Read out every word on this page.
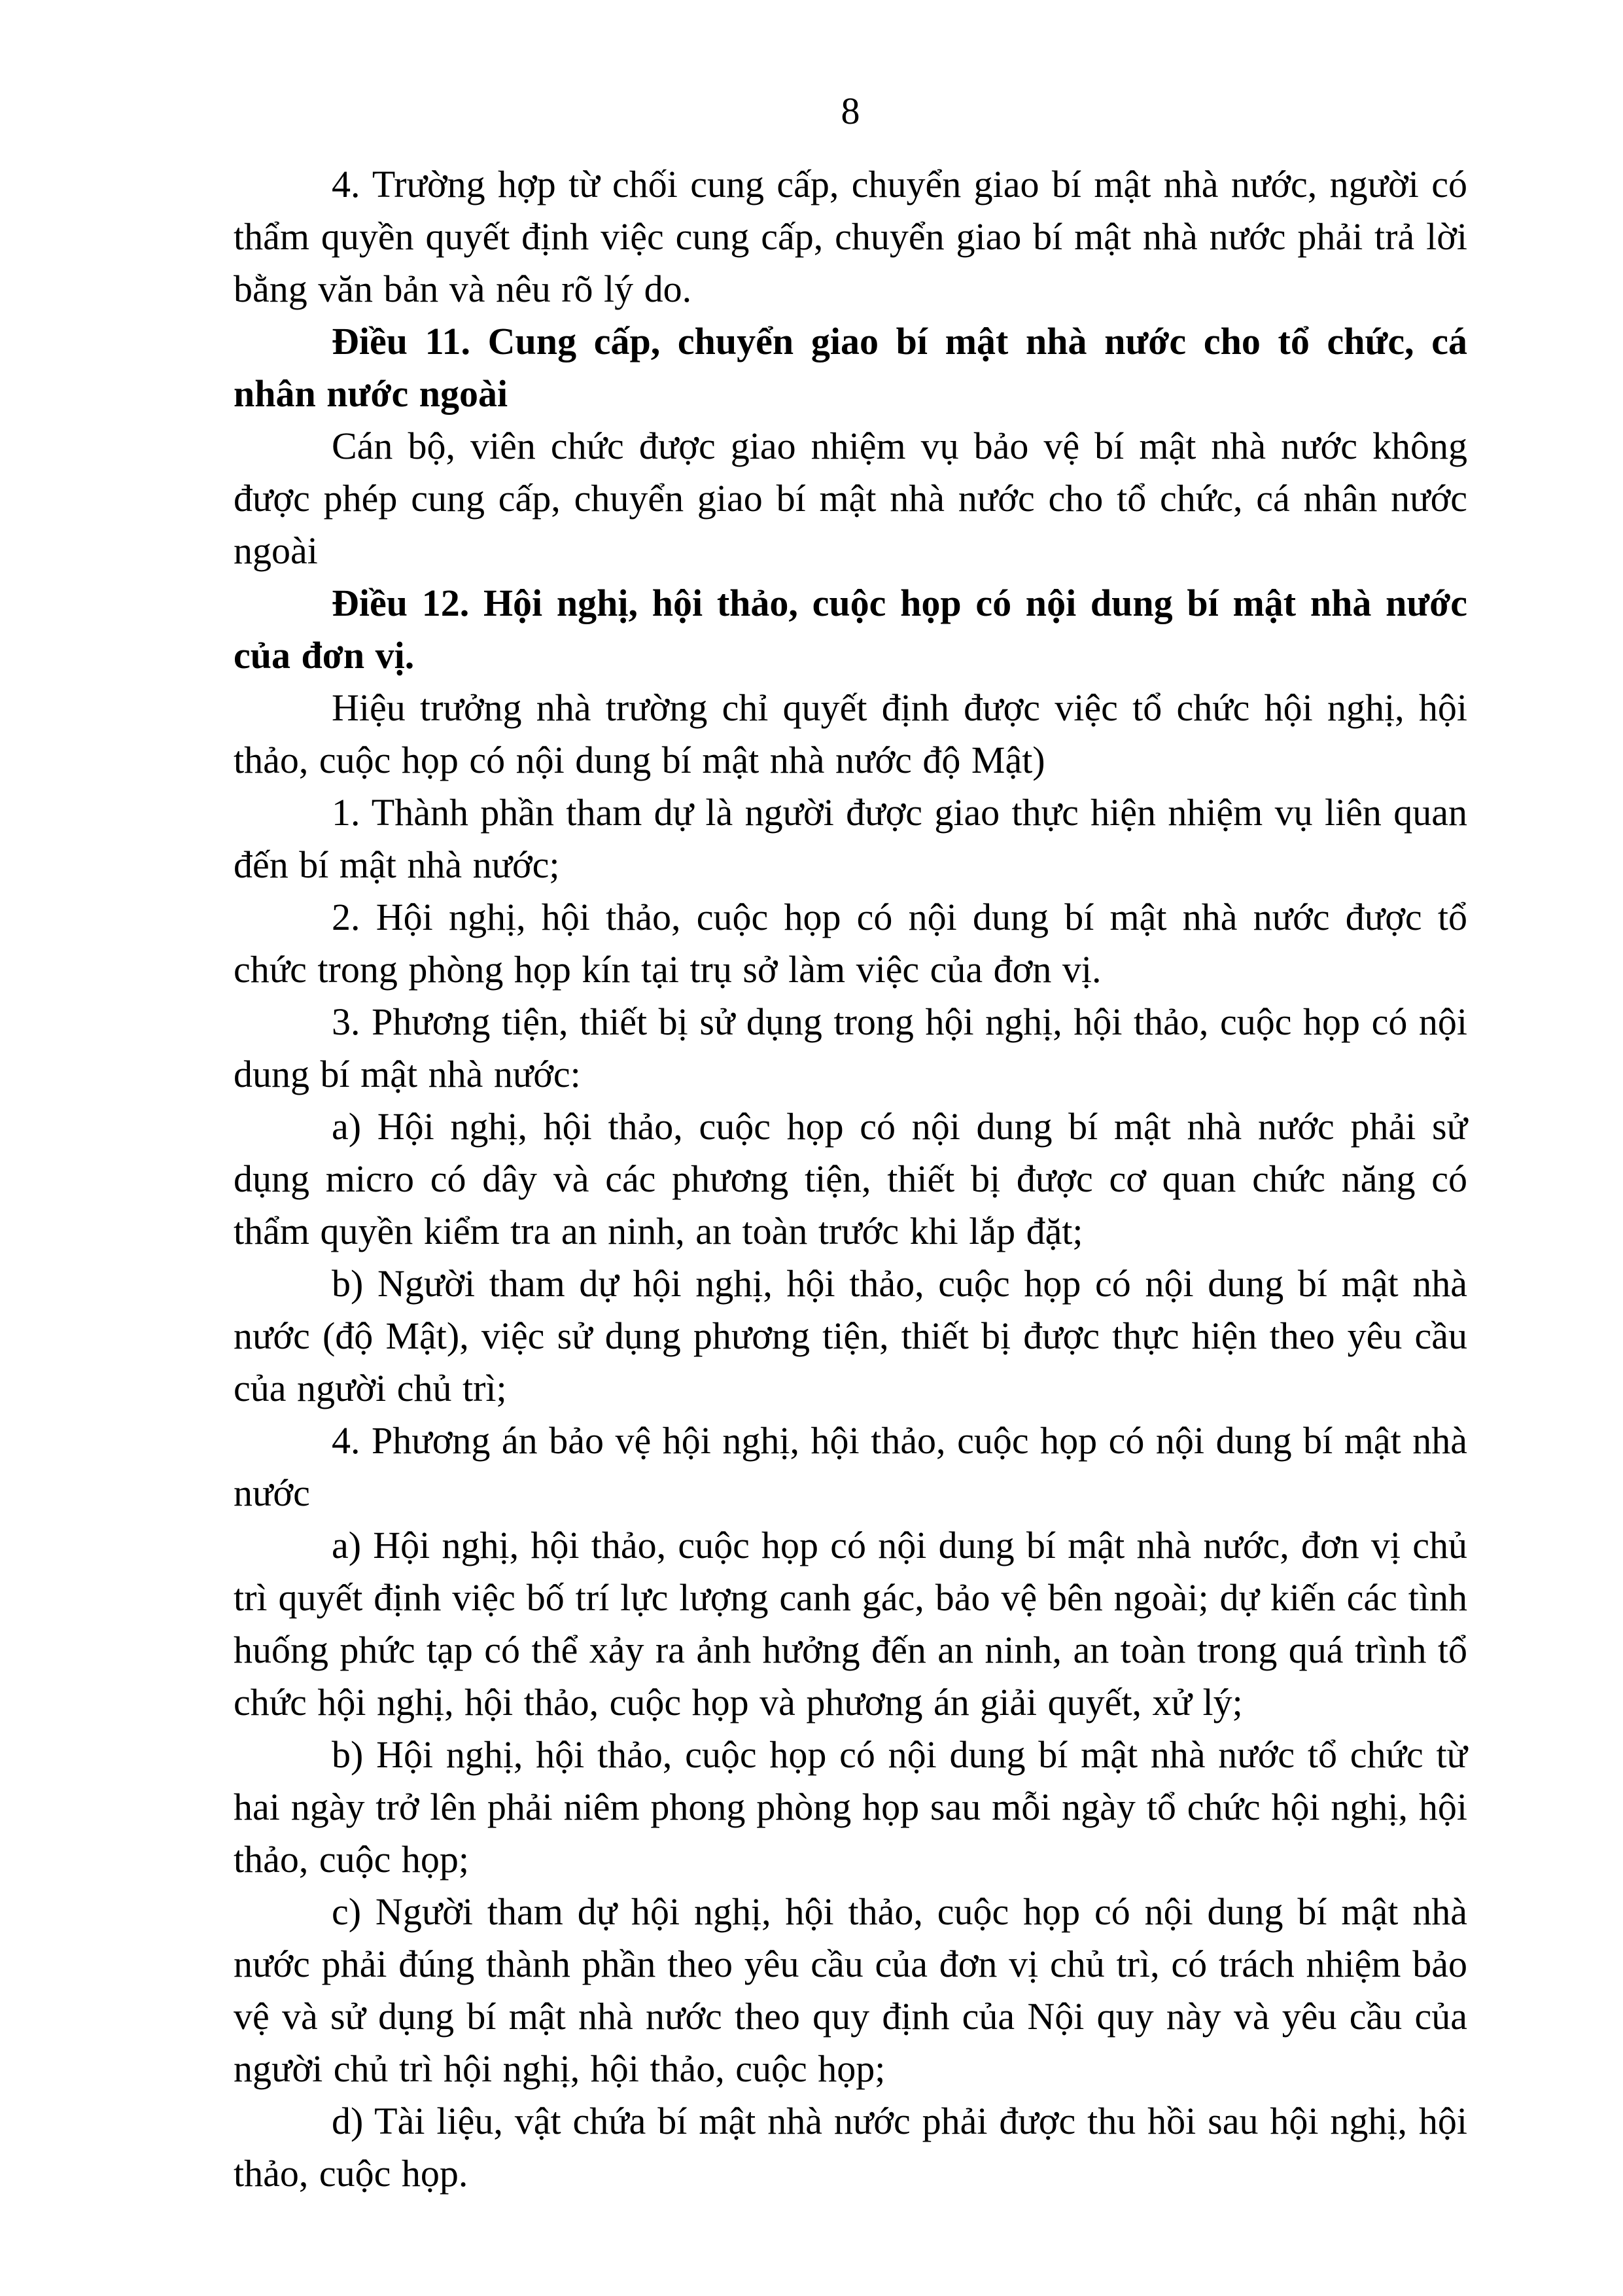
8

4. Trường hợp từ chối cung cấp, chuyển giao bí mật nhà nước, người có thẩm quyền quyết định việc cung cấp, chuyển giao bí mật nhà nước phải trả lời bằng văn bản và nêu rõ lý do.

Điều 11. Cung cấp, chuyển giao bí mật nhà nước cho tổ chức, cá nhân nước ngoài

Cán bộ, viên chức được giao nhiệm vụ bảo vệ bí mật nhà nước không được phép cung cấp, chuyển giao bí mật nhà nước cho tổ chức, cá nhân nước ngoài

Điều 12. Hội nghị, hội thảo, cuộc họp có nội dung bí mật nhà nước của đơn vị.

Hiệu trưởng nhà trường chỉ quyết định được việc tổ chức hội nghị, hội thảo, cuộc họp có nội dung bí mật nhà nước độ Mật)

1. Thành phần tham dự là người được giao thực hiện nhiệm vụ liên quan đến bí mật nhà nước;

2. Hội nghị, hội thảo, cuộc họp có nội dung bí mật nhà nước được tổ chức trong phòng họp kín tại trụ sở làm việc của đơn vị.

3. Phương tiện, thiết bị sử dụng trong hội nghị, hội thảo, cuộc họp có nội dung bí mật nhà nước:

a) Hội nghị, hội thảo, cuộc họp có nội dung bí mật nhà nước phải sử dụng micro có dây và các phương tiện, thiết bị được cơ quan chức năng có thẩm quyền kiểm tra an ninh, an toàn trước khi lắp đặt;

b) Người tham dự hội nghị, hội thảo, cuộc họp có nội dung bí mật nhà nước (độ Mật), việc sử dụng phương tiện, thiết bị được thực hiện theo yêu cầu của người chủ trì;

4. Phương án bảo vệ hội nghị, hội thảo, cuộc họp có nội dung bí mật nhà nước

a) Hội nghị, hội thảo, cuộc họp có nội dung bí mật nhà nước, đơn vị chủ trì quyết định việc bố trí lực lượng canh gác, bảo vệ bên ngoài; dự kiến các tình huống phức tạp có thể xảy ra ảnh hưởng đến an ninh, an toàn trong quá trình tổ chức hội nghị, hội thảo, cuộc họp và phương án giải quyết, xử lý;

b) Hội nghị, hội thảo, cuộc họp có nội dung bí mật nhà nước tổ chức từ hai ngày trở lên phải niêm phong phòng họp sau mỗi ngày tổ chức hội nghị, hội thảo, cuộc họp;

c) Người tham dự hội nghị, hội thảo, cuộc họp có nội dung bí mật nhà nước phải đúng thành phần theo yêu cầu của đơn vị chủ trì, có trách nhiệm bảo vệ và sử dụng bí mật nhà nước theo quy định của Nội quy này và yêu cầu của người chủ trì hội nghị, hội thảo, cuộc họp;

d) Tài liệu, vật chứa bí mật nhà nước phải được thu hồi sau hội nghị, hội thảo, cuộc họp.
